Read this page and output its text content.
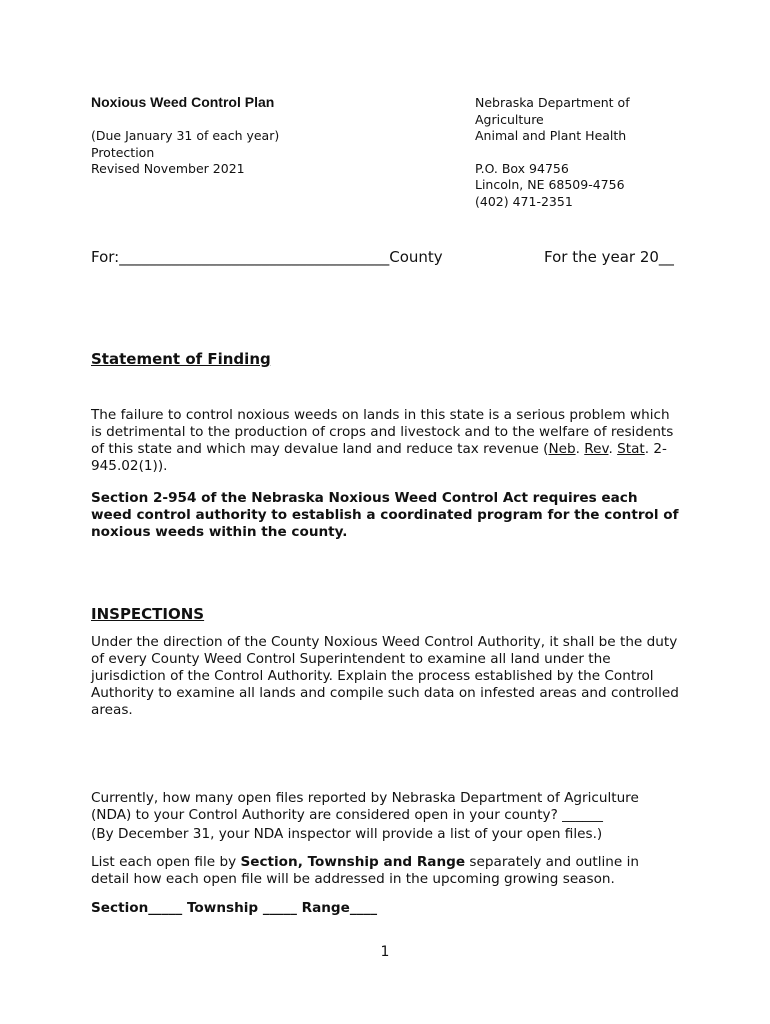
Noxious Weed Control Plan
(Due January 31 of each year)
Protection
Revised November 2021
Nebraska Department of
Agriculture
Animal and Plant Health
P.O. Box 94756
Lincoln, NE 68509-4756
(402) 471-2351
For:____________________________________County	For the year 20__
Statement of Finding
The failure to control noxious weeds on lands in this state is a serious problem which is detrimental to the production of crops and livestock and to the welfare of residents of this state and which may devalue land and reduce tax revenue (Neb. Rev. Stat. 2-945.02(1)).
Section 2-954 of the Nebraska Noxious Weed Control Act requires each weed control authority to establish a coordinated program for the control of noxious weeds within the county.
INSPECTIONS
Under the direction of the County Noxious Weed Control Authority, it shall be the duty of every County Weed Control Superintendent to examine all land under the jurisdiction of the Control Authority. Explain the process established by the Control Authority to examine all lands and compile such data on infested areas and controlled areas.
Currently, how many open files reported by Nebraska Department of Agriculture (NDA) to your Control Authority are considered open in your county? ______
(By December 31, your NDA inspector will provide a list of your open files.)
List each open file by Section, Township and Range separately and outline in detail how each open file will be addressed in the upcoming growing season.
Section_____ Township _____ Range____
1
